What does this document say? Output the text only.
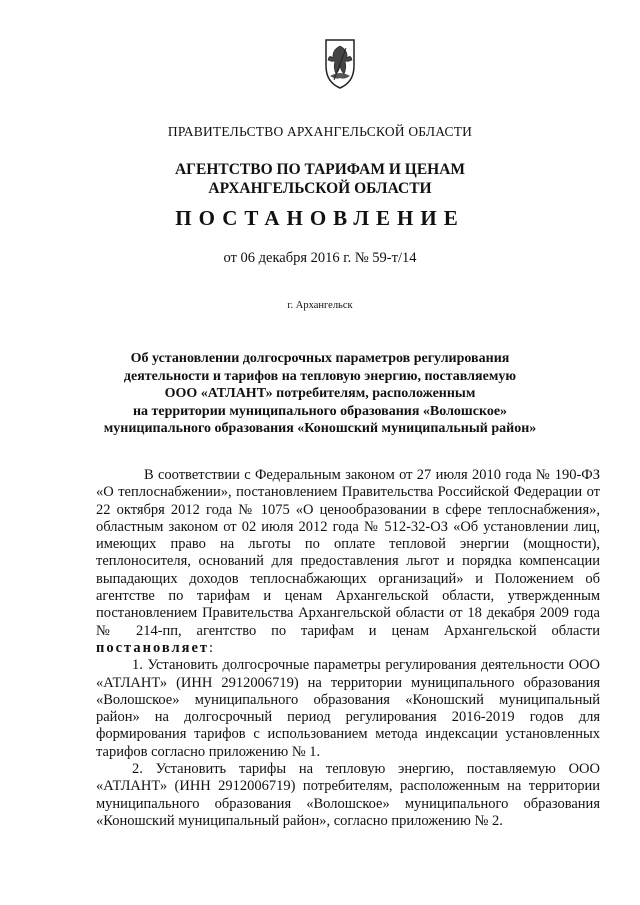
ПРАВИТЕЛЬСТВО АРХАНГЕЛЬСКОЙ ОБЛАСТИ
АГЕНТСТВО ПО ТАРИФАМ И ЦЕНАМ
АРХАНГЕЛЬСКОЙ ОБЛАСТИ
ПОСТАНОВЛЕНИЕ
от 06 декабря 2016 г. № 59-т/14
г. Архангельск
Об установлении долгосрочных параметров регулирования
деятельности и тарифов на тепловую энергию, поставляемую
ООО «АТЛАНТ» потребителям, расположенным
на территории муниципального образования «Волошское»
муниципального образования «Коношский муниципальный район»

В соответствии с Федеральным законом от 27 июля 2010 года № 190-ФЗ «О теплоснабжении», постановлением Правительства Российской Федерации от 22 октября 2012 года № 1075 «О ценообразовании в сфере теплоснабжения», областным законом от 02 июля 2012 года № 512-32-ОЗ «Об установлении лиц, имеющих право на льготы по оплате тепловой энергии (мощности), теплоносителя, оснований для предоставления льгот и порядка компенсации выпадающих доходов теплоснабжающих организаций» и Положением об агентстве по тарифам и ценам Архангельской области, утвержденным постановлением Правительства Архангельской области от 18 декабря 2009 года № 214-пп, агентство по тарифам и ценам Архангельской области постановляет:

1. Установить долгосрочные параметры регулирования деятельности ООО «АТЛАНТ» (ИНН 2912006719) на территории муниципального образования «Волошское» муниципального образования «Коношский муниципальный район» на долгосрочный период регулирования 2016-2019 годов для формирования тарифов с использованием метода индексации установленных тарифов согласно приложению № 1.

2. Установить тарифы на тепловую энергию, поставляемую ООО «АТЛАНТ» (ИНН 2912006719) потребителям, расположенным на территории муниципального образования «Волошское» муниципального образования «Коношский муниципальный район», согласно приложению № 2.
